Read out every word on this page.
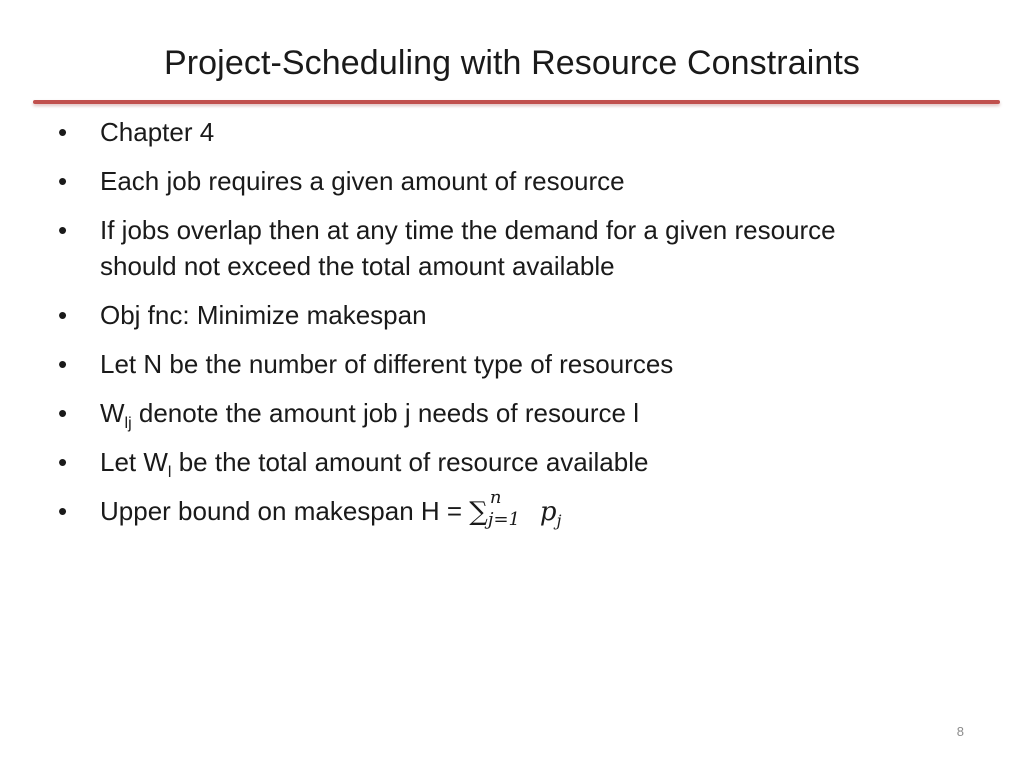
Project-Scheduling with Resource Constraints
•	Chapter 4
•	Each job requires a given amount of resource
•	If jobs overlap then at any time the demand for a given resource should not exceed the total amount available
•	Obj fnc: Minimize makespan
•	Let N be the number of different type of resources
•	$W_{lj}$ denote the amount job j needs of resource l
•	Let $W_l$ be the total amount of resource available
•	Upper bound on makespan H = ∑ n
j=1 $p_j$
8
